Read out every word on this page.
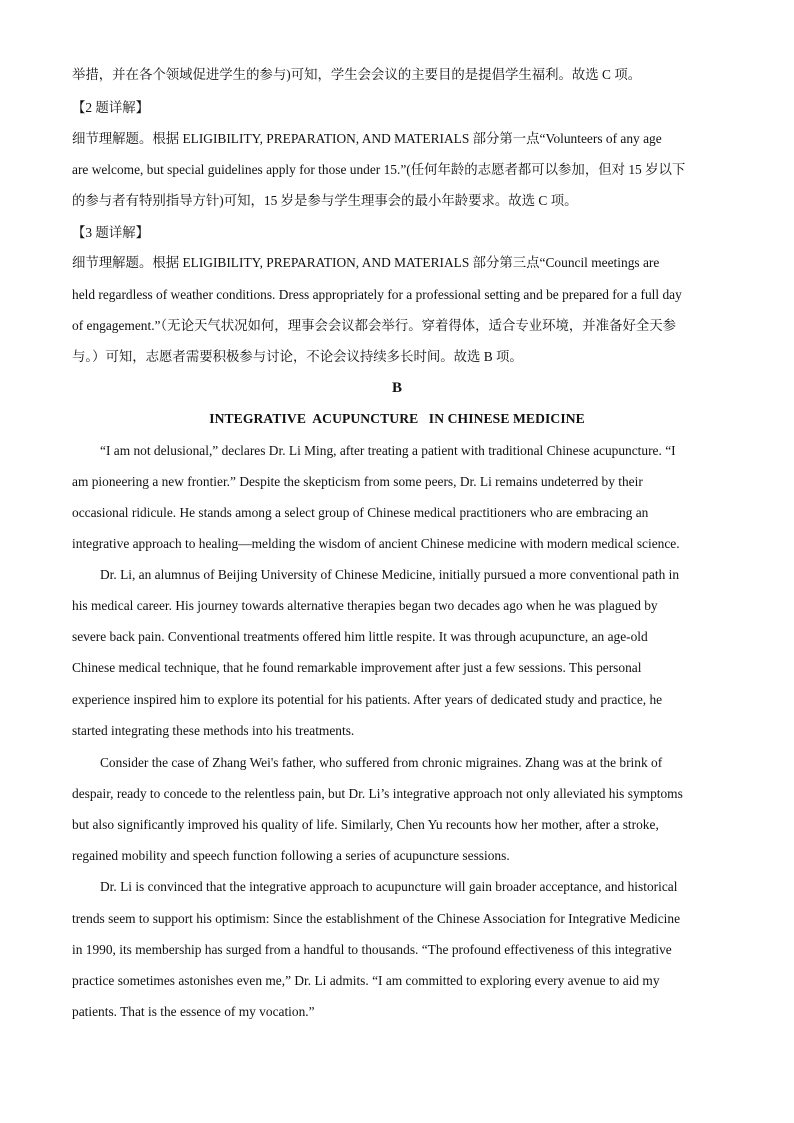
举措，并在各个领域促进学生的参与)可知，学生会会议的主要目的是提倡学生福利。故选 C 项。
【2 题详解】
细节理解题。根据 ELIGIBILITY, PREPARATION, AND MATERIALS 部分第一点“Volunteers of any age
are welcome, but special guidelines apply for those under 15.”(任何年龄的志愿者都可以参加，但对 15 岁以下
的参与者有特别指导方针)可知，15 岁是参与学生理事会的最小年龄要求。故选 C 项。
【3 题详解】
细节理解题。根据 ELIGIBILITY, PREPARATION, AND MATERIALS 部分第三点“Council meetings are
held regardless of weather conditions. Dress appropriately for a professional setting and be prepared for a full day
of engagement.”（无论天气状况如何，理事会会议都会举行。穿着得体，适合专业环境，并准备好全天参
与。）可知，志愿者需要积极参与讨论，不论会议持续多长时间。故选 B 项。
B
INTEGRATIVE  ACUPUNCTURE   IN CHINESE MEDICINE
“I am not delusional,” declares Dr. Li Ming, after treating a patient with traditional Chinese acupuncture. “I
am pioneering a new frontier.” Despite the skepticism from some peers, Dr. Li remains undeterred by their
occasional ridicule. He stands among a select group of Chinese medical practitioners who are embracing an
integrative approach to healing—melding the wisdom of ancient Chinese medicine with modern medical science.
Dr. Li, an alumnus of Beijing University of Chinese Medicine, initially pursued a more conventional path in
his medical career. His journey towards alternative therapies began two decades ago when he was plagued by
severe back pain. Conventional treatments offered him little respite. It was through acupuncture, an age-old
Chinese medical technique, that he found remarkable improvement after just a few sessions. This personal
experience inspired him to explore its potential for his patients. After years of dedicated study and practice, he
started integrating these methods into his treatments.
Consider the case of Zhang Wei's father, who suffered from chronic migraines. Zhang was at the brink of
despair, ready to concede to the relentless pain, but Dr. Li’s integrative approach not only alleviated his symptoms
but also significantly improved his quality of life. Similarly, Chen Yu recounts how her mother, after a stroke,
regained mobility and speech function following a series of acupuncture sessions.
Dr. Li is convinced that the integrative approach to acupuncture will gain broader acceptance, and historical
trends seem to support his optimism: Since the establishment of the Chinese Association for Integrative Medicine
in 1990, its membership has surged from a handful to thousands. “The profound effectiveness of this integrative
practice sometimes astonishes even me,” Dr. Li admits. “I am committed to exploring every avenue to aid my
patients. That is the essence of my vocation.”
